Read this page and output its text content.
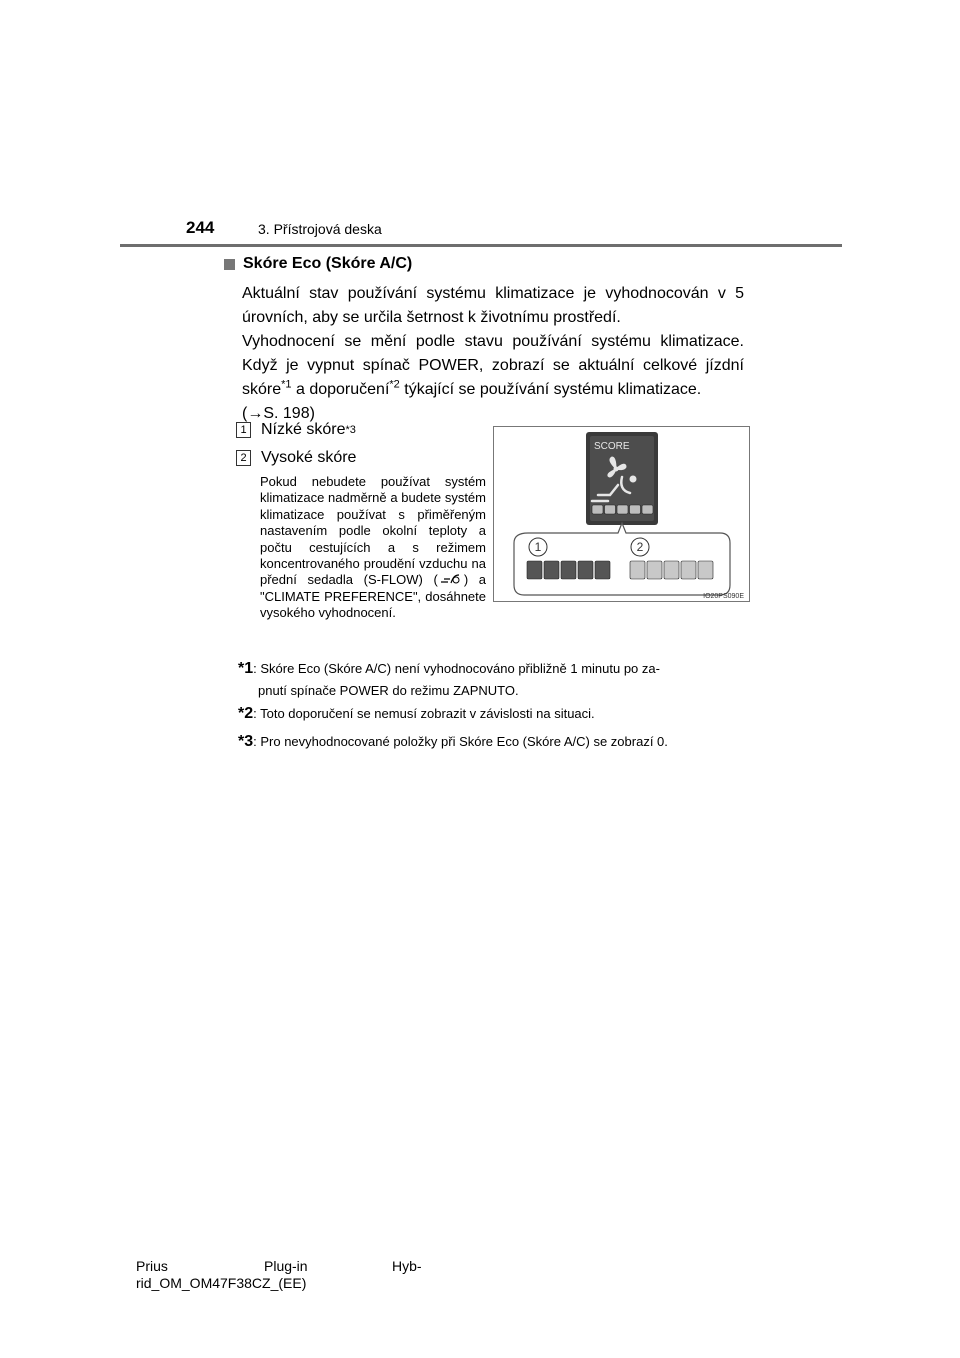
244	3. Přístrojová deska
Skóre Eco (Skóre A/C)
Aktuální stav používání systému klimatizace je vyhodnocován v 5 úrovních, aby se určila šetrnost k životnímu prostředí.
Vyhodnocení se mění podle stavu používání systému klimatizace. Když je vypnut spínač POWER, zobrazí se aktuální celkové jízdní skóre$^{*1}$ a doporučení$^{*2}$ týkající se používání systému klimatizace.
(→S. 198)
1 Nízké skóre *3
2 Vysoké skóre
Pokud nebudete používat systém klimatizace nadměrně a budete systém klimatizace používat s přiměřeným nastavením podle okolní teploty a počtu cestujících a s režimem koncentrovaného proudění vzduchu na přední sedadla (S-FLOW) ( ) a "CLIMATE PREFERENCE", dosáhnete vysokého vyhodnocení.
SCORE
1	2
IO20PS090E
*1: Skóre Eco (Skóre A/C) není vyhodnocováno přibližně 1 minutu po za-
pnutí spínače POWER do režimu ZAPNUTO.
*2: Toto doporučení se nemusí zobrazit v závislosti na situaci.
*3: Pro nevyhodnocované položky při Skóre Eco (Skóre A/C) se zobrazí 0.
Prius	Plug-in	Hyb-
rid_OM_OM47F38CZ_(EE)
